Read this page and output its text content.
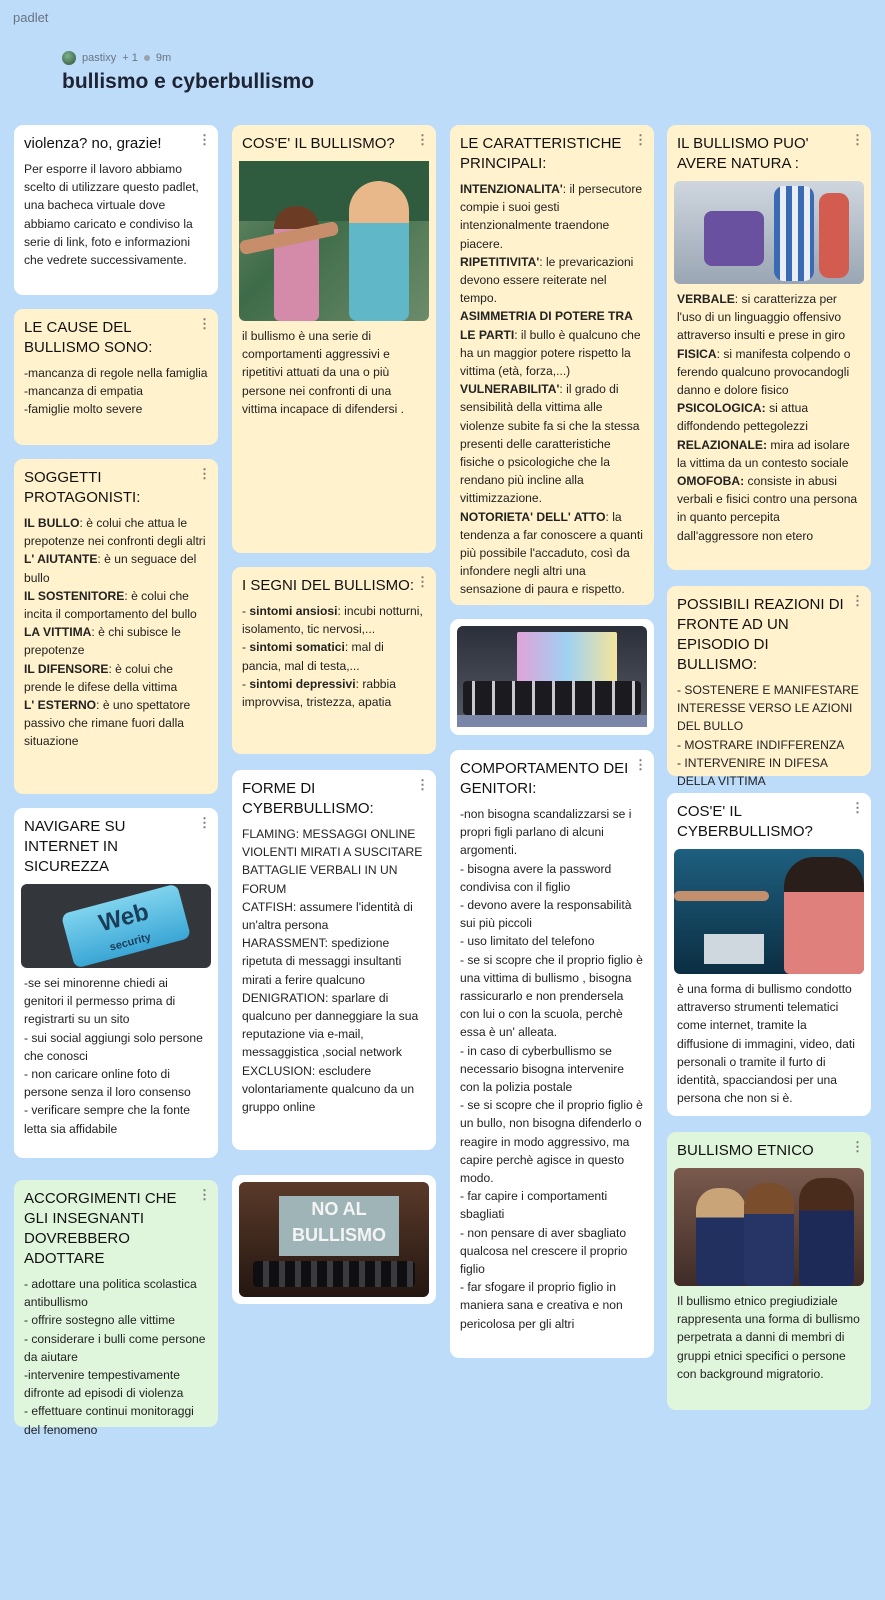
padlet
pastixy + 1 9m
bullismo e cyberbullismo
⋮
violenza? no, grazie!

Per esporre il lavoro abbiamo scelto di utilizzare questo padlet, una bacheca virtuale dove abbiamo caricato e condiviso la serie di link, foto e informazioni che vedrete successivamente.

⋮
LE CAUSE DEL BULLISMO SONO:

-mancanza di regole nella famiglia
-mancanza di empatia
-famiglie molto severe

⋮
SOGGETTI PROTAGONISTI:

IL BULLO: è colui che attua le prepotenze nei confronti degli altri
L' AIUTANTE: è un seguace del bullo
IL SOSTENITORE: è colui che incita il comportamento del bullo
LA VITTIMA: è chi subisce le prepotenze
IL DIFENSORE: è colui che prende le difese della vittima
L' ESTERNO: è uno spettatore passivo che rimane fuori dalla situazione

⋮
NAVIGARE SU INTERNET IN SICUREZZA
Web
security

-se sei minorenne chiedi ai genitori il permesso prima di registrarti su un sito
- sui social aggiungi solo persone che conosci
- non caricare online foto di persone senza il loro consenso
- verificare sempre che la fonte letta sia affidabile

⋮
ACCORGIMENTI CHE GLI INSEGNANTI DOVREBBERO ADOTTARE

- adottare una politica scolastica antibullismo
- offrire sostegno alle vittime
- considerare i bulli come persone da aiutare
-intervenire tempestivamente difronte ad episodi di violenza
- effettuare continui monitoraggi del fenomeno

⋮
COS'E' IL BULLISMO?

il bullismo è una serie di comportamenti aggressivi e ripetitivi attuati da una o più persone nei confronti di una vittima incapace di difendersi .

⋮
I SEGNI DEL BULLISMO:

- sintomi ansiosi: incubi notturni, isolamento, tic nervosi,...
- sintomi somatici: mal di pancia, mal di testa,...
- sintomi depressivi: rabbia improvvisa, tristezza, apatia

⋮
FORME DI CYBERBULLISMO:

FLAMING: MESSAGGI ONLINE VIOLENTI MIRATI A SUSCITARE BATTAGLIE VERBALI IN UN FORUM
CATFISH: assumere l'identità di un'altra persona
HARASSMENT: spedizione ripetuta di messaggi insultanti mirati a ferire qualcuno
DENIGRATION: sparlare di qualcuno per danneggiare la sua reputazione via e-mail, messaggistica ,social network
EXCLUSION: escludere volontariamente qualcuno da un gruppo online

NO AL BULLISMO
⋮
LE CARATTERISTICHE PRINCIPALI:

INTENZIONALITA': il persecutore compie i suoi gesti intenzionalmente traendone piacere.
RIPETITIVITA': le prevaricazioni devono essere reiterate nel tempo.
ASIMMETRIA DI POTERE TRA LE PARTI: il bullo è qualcuno che ha un maggior potere rispetto la vittima (età, forza,...)
VULNERABILITA': il grado di sensibilità della vittima alle violenze subite fa si che la stessa presenti delle caratteristiche fisiche o psicologiche che la rendano più incline alla vittimizzazione.
NOTORIETA' DELL' ATTO: la tendenza a far conoscere a quanti più possibile l'accaduto, così da infondere negli altri una sensazione di paura e rispetto.

⋮
COMPORTAMENTO DEI GENITORI:

-non bisogna scandalizzarsi se i propri figli parlano di alcuni argomenti.
- bisogna avere la password condivisa con il figlio
- devono avere la responsabilità sui più piccoli
- uso limitato del telefono
- se si scopre che il proprio figlio è una vittima di bullismo , bisogna rassicurarlo e non prendersela con lui o con la scuola, perchè essa è un' alleata.
- in caso di cyberbullismo se necessario bisogna intervenire con la polizia postale
- se si scopre che il proprio figlio è un bullo, non bisogna difenderlo o reagire in modo aggressivo, ma capire perchè agisce in questo modo.
- far capire i comportamenti sbagliati
- non pensare di aver sbagliato qualcosa nel crescere il proprio figlio
- far sfogare il proprio figlio in maniera sana e creativa e non pericolosa per gli altri

⋮
IL BULLISMO PUO' AVERE NATURA :

VERBALE: si caratterizza per l'uso di un linguaggio offensivo attraverso insulti e prese in giro
FISICA: si manifesta colpendo o ferendo qualcuno provocandogli danno e dolore fisico
PSICOLOGICA: si attua diffondendo pettegolezzi
RELAZIONALE: mira ad isolare la vittima da un contesto sociale
OMOFOBA: consiste in abusi verbali e fisici contro una persona in quanto percepita dall'aggressore non etero

⋮
POSSIBILI REAZIONI DI FRONTE AD UN EPISODIO DI BULLISMO:

- SOSTENERE E MANIFESTARE INTERESSE VERSO LE AZIONI DEL BULLO
- MOSTRARE INDIFFERENZA
- INTERVENIRE IN DIFESA DELLA VITTIMA

⋮
COS'E' IL CYBERBULLISMO?

è una forma di bullismo condotto attraverso strumenti telematici come internet, tramite la diffusione di immagini, video, dati personali o tramite il furto di identità, spacciandosi per una persona che non si è.

⋮
BULLISMO ETNICO

Il bullismo etnico pregiudiziale rappresenta una forma di bullismo perpetrata a danni di membri di gruppi etnici specifici o persone con background migratorio.
